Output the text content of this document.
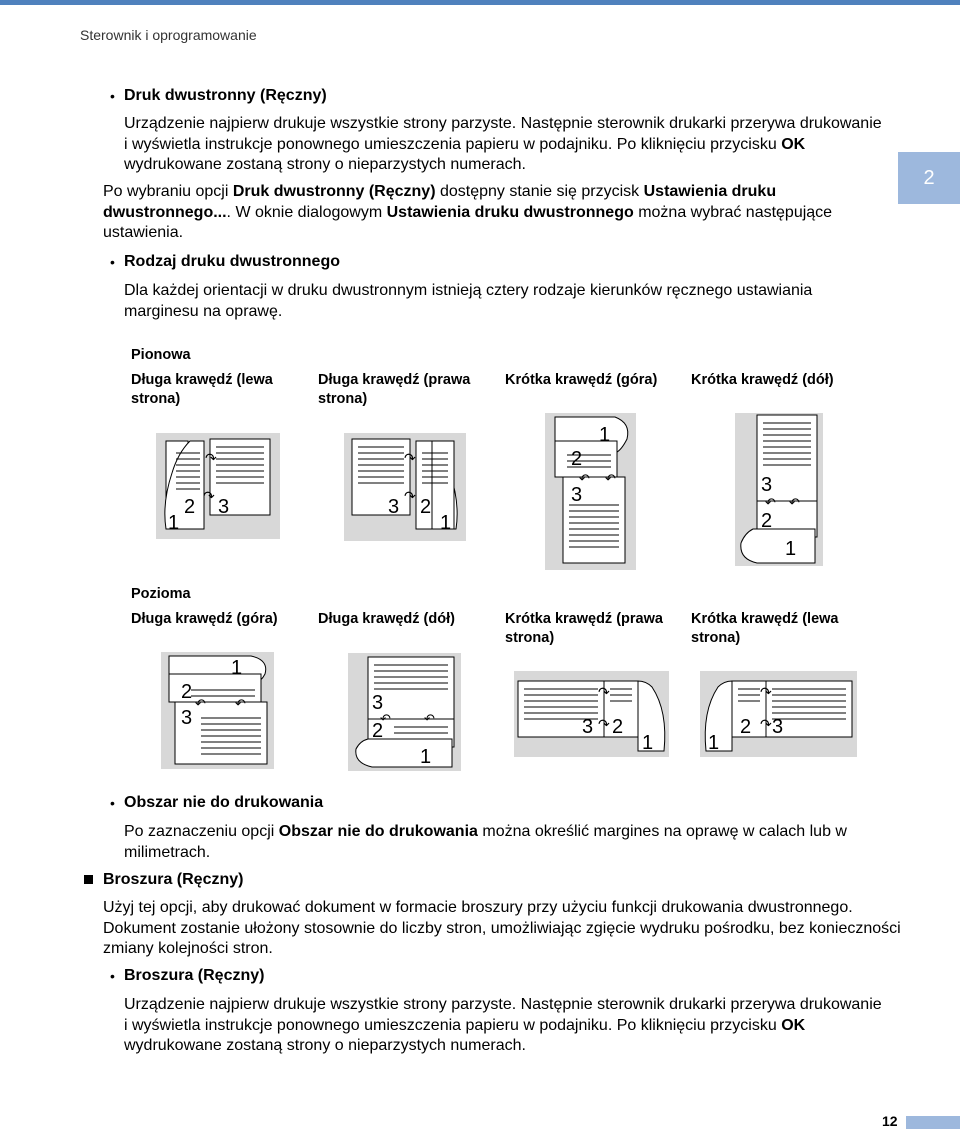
Sterownik i oprogramowanie
2
• Druk dwustronny (Ręczny)
Urządzenie najpierw drukuje wszystkie strony parzyste. Następnie sterownik drukarki przerywa drukowanie i wyświetla instrukcje ponownego umieszczenia papieru w podajniku. Po kliknięciu przycisku OK wydrukowane zostaną strony o nieparzystych numerach.
Po wybraniu opcji Druk dwustronny (Ręczny) dostępny stanie się przycisk Ustawienia druku dwustronnego.... W oknie dialogowym Ustawienia druku dwustronnego można wybrać następujące ustawienia.
• Rodzaj druku dwustronnego
Dla każdej orientacji w druku dwustronnym istnieją cztery rodzaje kierunków ręcznego ustawiania marginesu na oprawę.
Pionowa
Długa krawędź (lewa strona)
Długa krawędź (prawa strona)
Krótka krawędź (góra)	Krótka krawędź (dół)
↷
↷
2 3
1
↷
↷
3 2
1
↶ ↶
1
2
3	↶ ↶
3
2
1
Pozioma
Długa krawędź (góra)	Długa krawędź (dół)	Krótka krawędź (prawa strona)
Krótka krawędź (lewa strona)
↶ ↶
1
2
3	↶	↶
3
2
1
↷
↷
3 2
1
↷
↷
1
2 3
• Obszar nie do drukowania
Po zaznaczeniu opcji Obszar nie do drukowania można określić margines na oprawę w calach lub w milimetrach.
Broszura (Ręczny)
Użyj tej opcji, aby drukować dokument w formacie broszury przy użyciu funkcji drukowania dwustronnego. Dokument zostanie ułożony stosownie do liczby stron, umożliwiając zgięcie wydruku pośrodku, bez konieczności zmiany kolejności stron.
• Broszura (Ręczny)
Urządzenie najpierw drukuje wszystkie strony parzyste. Następnie sterownik drukarki przerywa drukowanie i wyświetla instrukcje ponownego umieszczenia papieru w podajniku. Po kliknięciu przycisku OK wydrukowane zostaną strony o nieparzystych numerach.
12
